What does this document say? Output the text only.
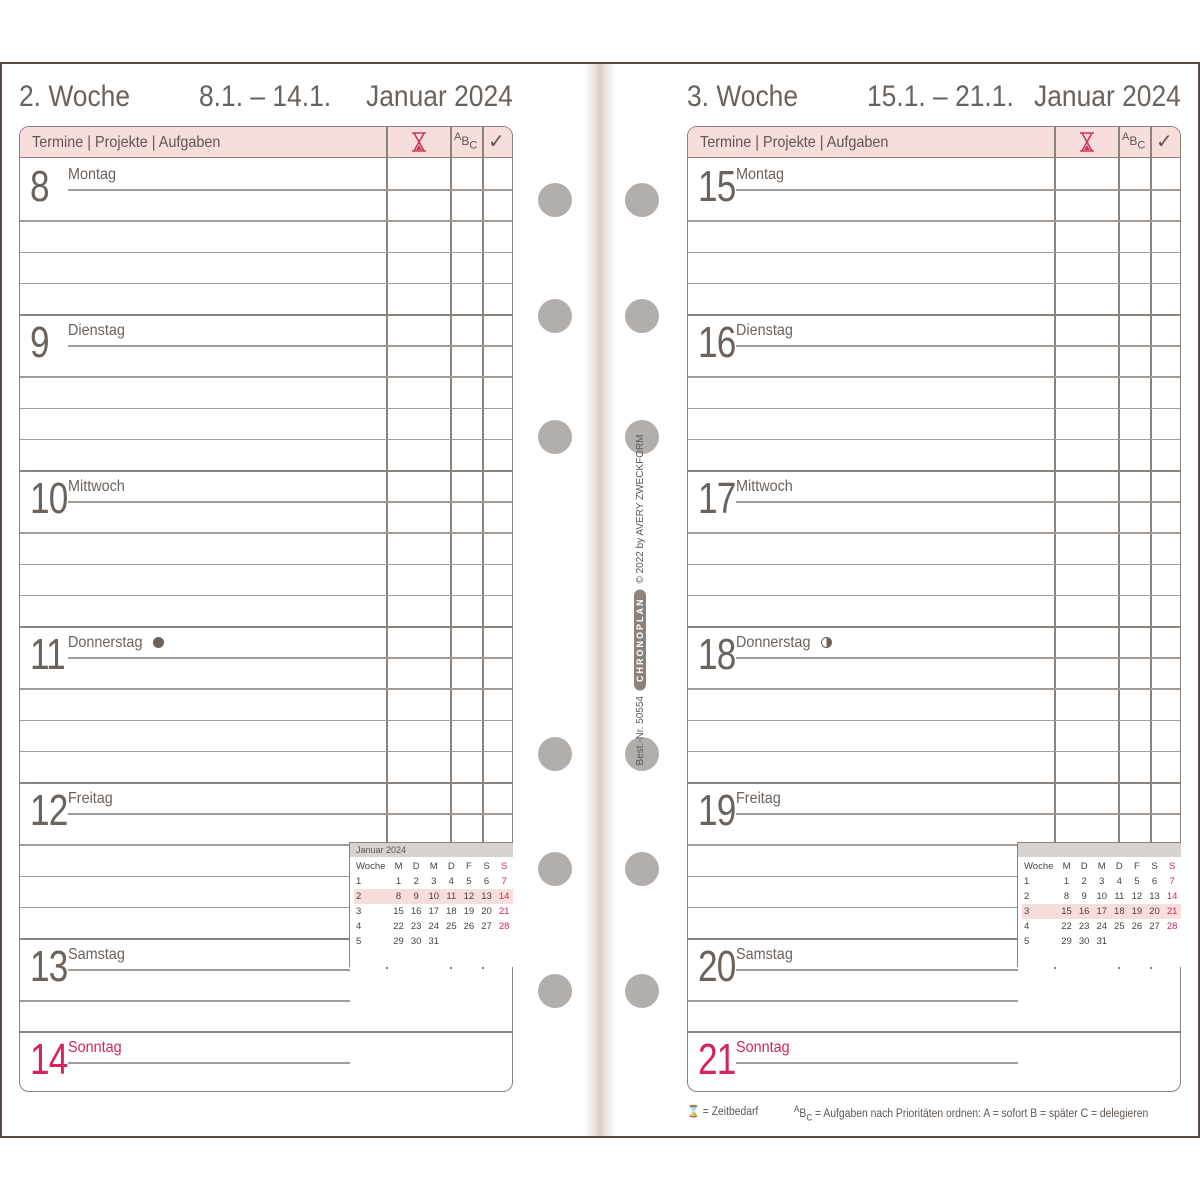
2. Woche 8.1. – 14.1. Januar 2024
Termine | Projekte | Aufgaben	$^AB_C$ ✓
8 Montag
9 Dienstag
10 Mittwoch
11 Donnerstag
12 Freitag
13 Samstag
14 Sonntag
Januar 2024
Woche	M	D	M	D	F	S	S
1	1	2	3	4	5	6	7
2	8	9	10	11	12	13	14
3	15	16	17	18	19	20	21
4	22	23	24	25	26	27	28
5	29	30	31				
3. Woche 15.1. – 21.1. Januar 2024
Termine | Projekte | Aufgaben	$^AB_C$ ✓
15 Montag
16 Dienstag
17 Mittwoch
18 Donnerstag
19 Freitag
20 Samstag
21 Sonntag
Woche	M	D	M	D	F	S	S
1	1	2	3	4	5	6	7
2	8	9	10	11	12	13	14
3	15	16	17	18	19	20	21
4	22	23	24	25	26	27	28
5	29	30	31				
Best.-Nr. 50554
CHRONOPLAN
© 2022 by AVERY ZWECKFORM
⌛ = Zeitbedarf	$^AB_C$ = Aufgaben nach Prioritäten ordnen: A = sofort B = später C = delegieren
